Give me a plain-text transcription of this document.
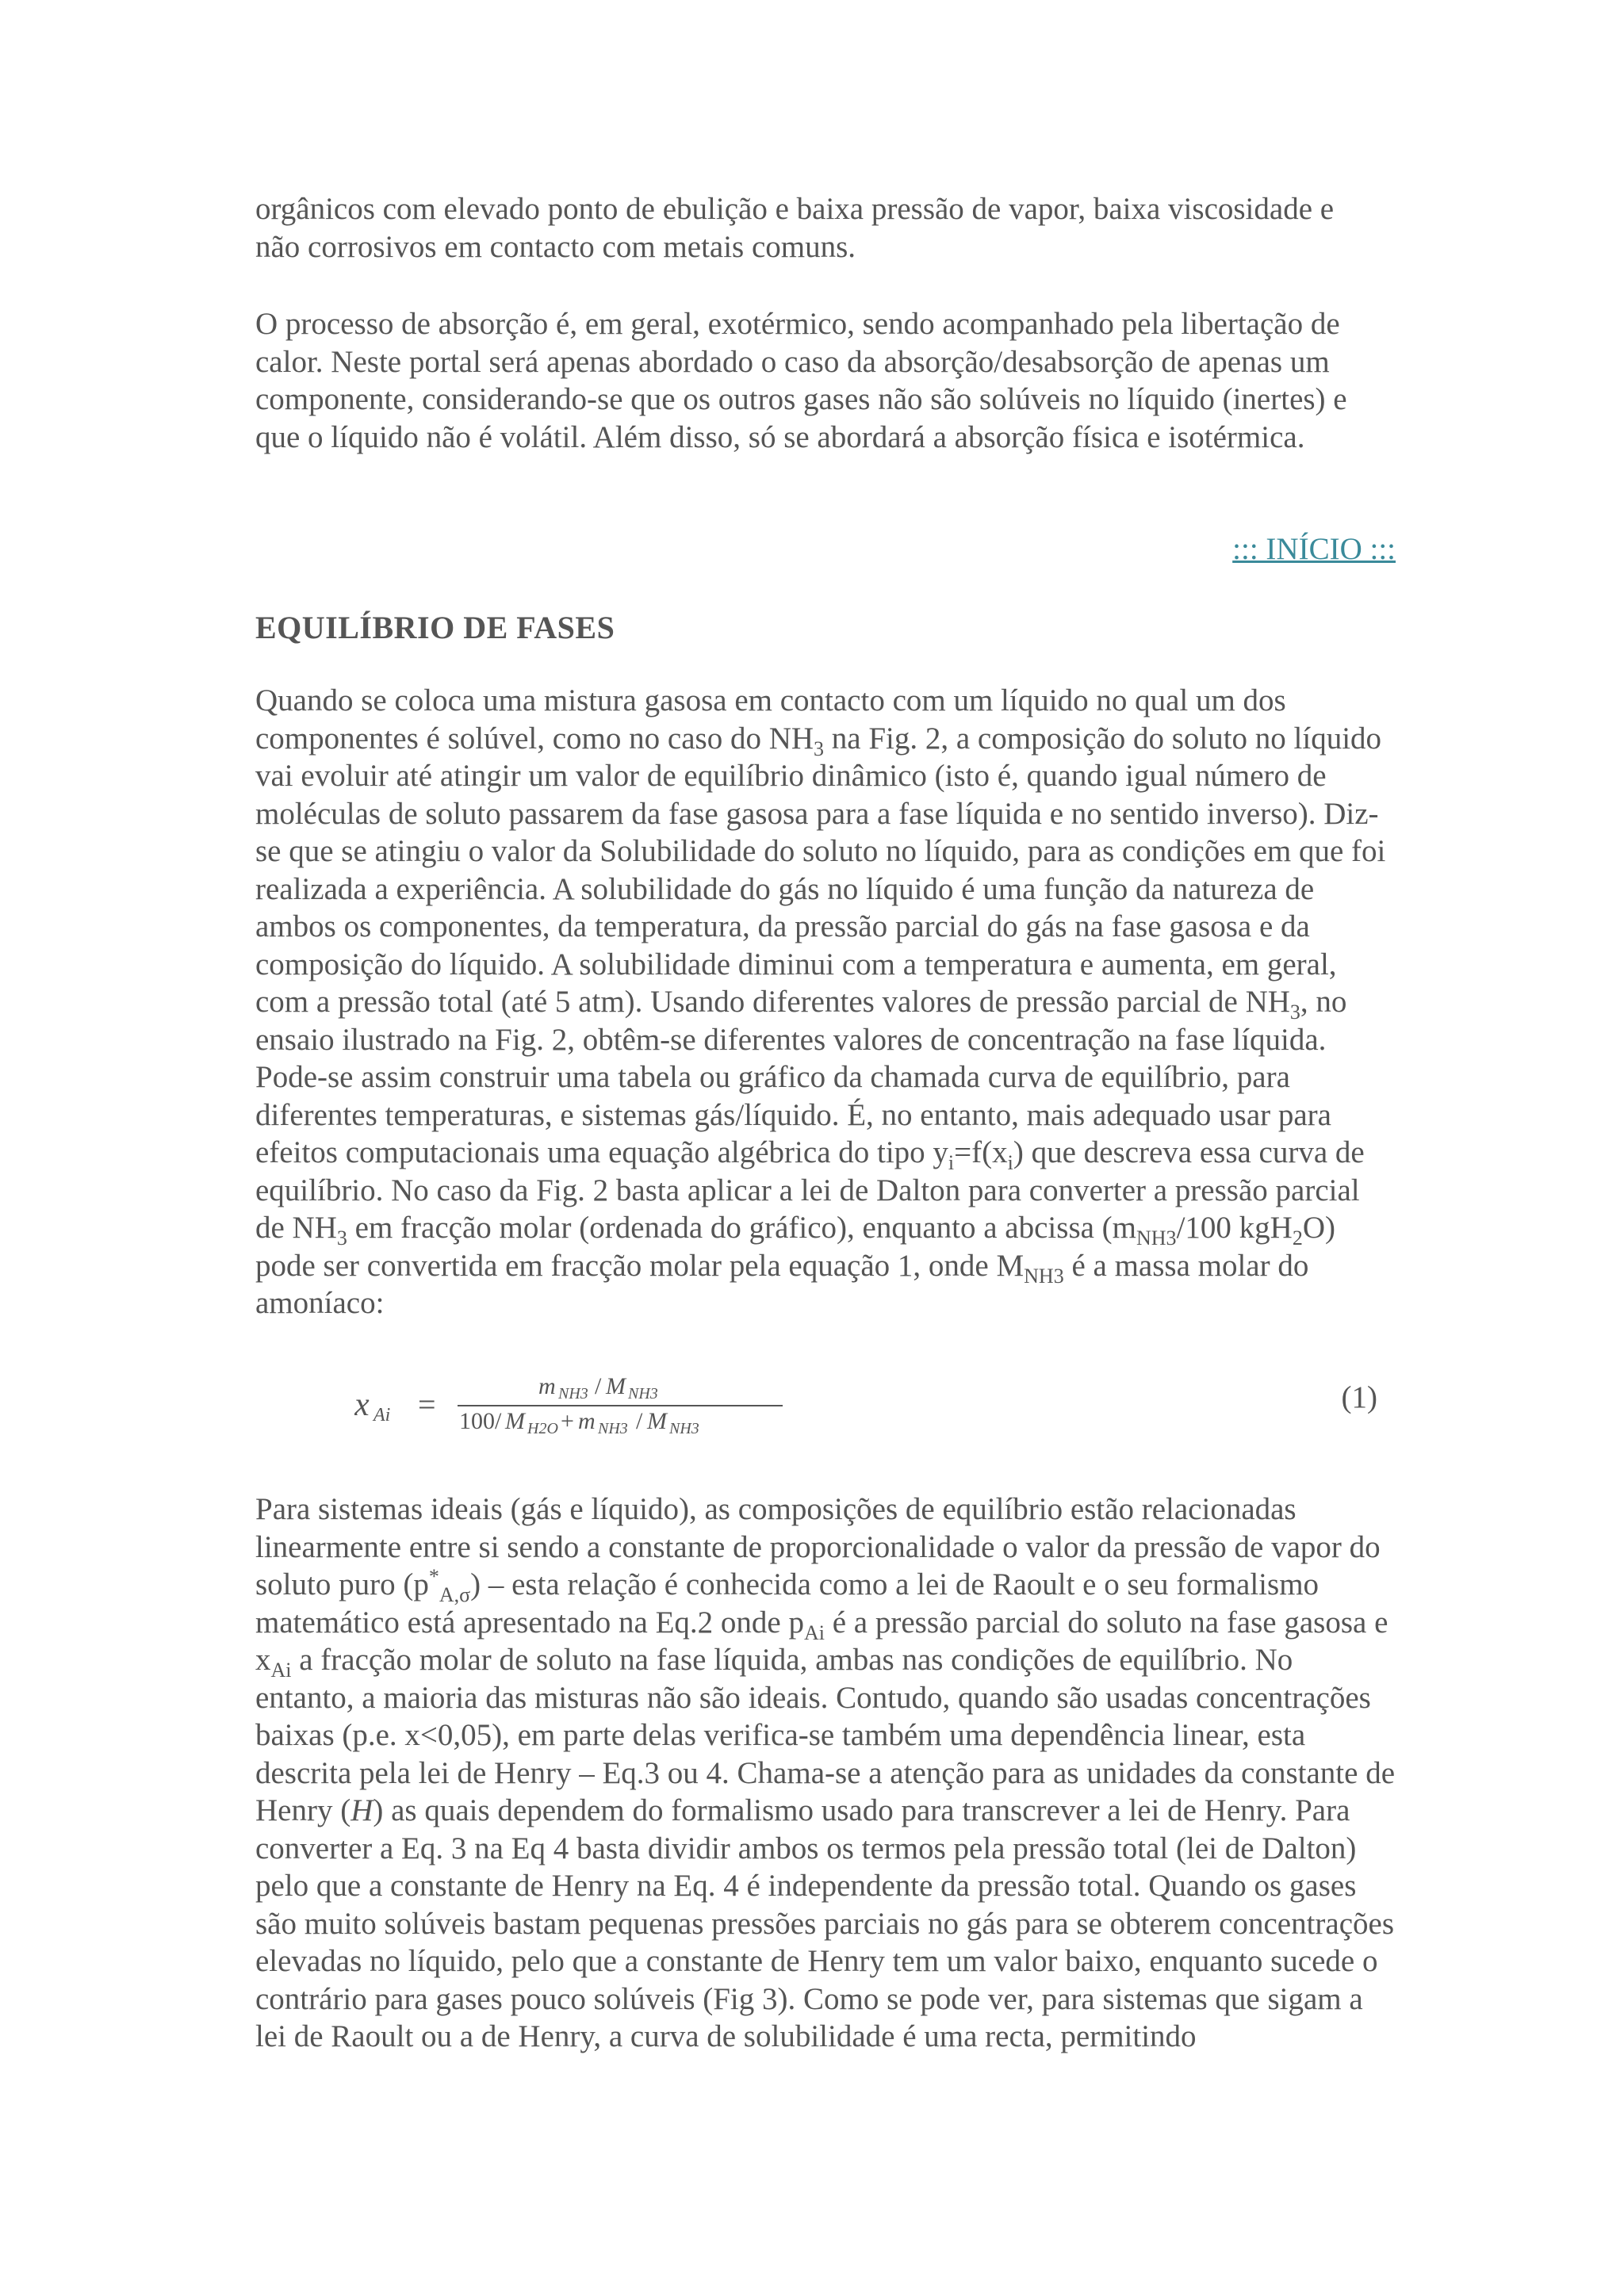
orgânicos com elevado ponto de ebulição e baixa pressão de vapor, baixa viscosidade e não corrosivos em contacto com metais comuns.

O processo de absorção é, em geral, exotérmico, sendo acompanhado pela libertação de calor. Neste portal será apenas abordado o caso da absorção/desabsorção de apenas um componente, considerando-se que os outros gases não são solúveis no líquido (inertes) e que o líquido não é volátil. Além disso, só se abordará a absorção física e isotérmica.

::: INÍCIO :::
EQUILÍBRIO DE FASES

Quando se coloca uma mistura gasosa em contacto com um líquido no qual um dos componentes é solúvel, como no caso do $NH_3$ na Fig. 2, a composição do soluto no líquido vai evoluir até atingir um valor de equilíbrio dinâmico (isto é, quando igual número de moléculas de soluto passarem da fase gasosa para a fase líquida e no sentido inverso). Diz-se que se atingiu o valor da Solubilidade do soluto no líquido, para as condições em que foi realizada a experiência. A solubilidade do gás no líquido é uma função da natureza de ambos os componentes, da temperatura, da pressão parcial do gás na fase gasosa e da composição do líquido. A solubilidade diminui com a temperatura e aumenta, em geral, com a pressão total (até 5 atm). Usando diferentes valores de pressão parcial de $NH_3$, no ensaio ilustrado na Fig. 2, obtêm-se diferentes valores de concentração na fase líquida. Pode-se assim construir uma tabela ou gráfico da chamada curva de equilíbrio, para diferentes temperaturas, e sistemas gás/líquido. É, no entanto, mais adequado usar para efeitos computacionais uma equação algébrica do tipo $y_i=f(x_i)$ que descreva essa curva de equilíbrio. No caso da Fig. 2 basta aplicar a lei de Dalton para converter a pressão parcial de $NH_3$ em fracção molar (ordenada do gráfico), enquanto a abcissa ($m_{NH3}/100$ kgH$_2$O) pode ser convertida em fracção molar pela equação 1, onde $M_{NH3}$ é a massa molar do amoníaco:

x Ai =
m NH3 / M NH3
100/ M H2O + m NH3 / M NH3
(1)

Para sistemas ideais (gás e líquido), as composições de equilíbrio estão relacionadas linearmente entre si sendo a constante de proporcionalidade o valor da pressão de vapor do soluto puro $(p^*_{A,\sigma})$ – esta relação é conhecida como a lei de Raoult e o seu formalismo matemático está apresentado na Eq.2 onde $p_{Ai}$ é a pressão parcial do soluto na fase gasosa e $x_{Ai}$ a fracção molar de soluto na fase líquida, ambas nas condições de equilíbrio. No entanto, a maioria das misturas não são ideais. Contudo, quando são usadas concentrações baixas (p.e. x<0,05), em parte delas verifica-se também uma dependência linear, esta descrita pela lei de Henry – Eq.3 ou 4. Chama-se a atenção para as unidades da constante de Henry (H) as quais dependem do formalismo usado para transcrever a lei de Henry. Para converter a Eq. 3 na Eq 4 basta dividir ambos os termos pela pressão total (lei de Dalton) pelo que a constante de Henry na Eq. 4 é independente da pressão total. Quando os gases são muito solúveis bastam pequenas pressões parciais no gás para se obterem concentrações elevadas no líquido, pelo que a constante de Henry tem um valor baixo, enquanto sucede o contrário para gases pouco solúveis (Fig 3). Como se pode ver, para sistemas que sigam a lei de Raoult ou a de Henry, a curva de solubilidade é uma recta, permitindo
